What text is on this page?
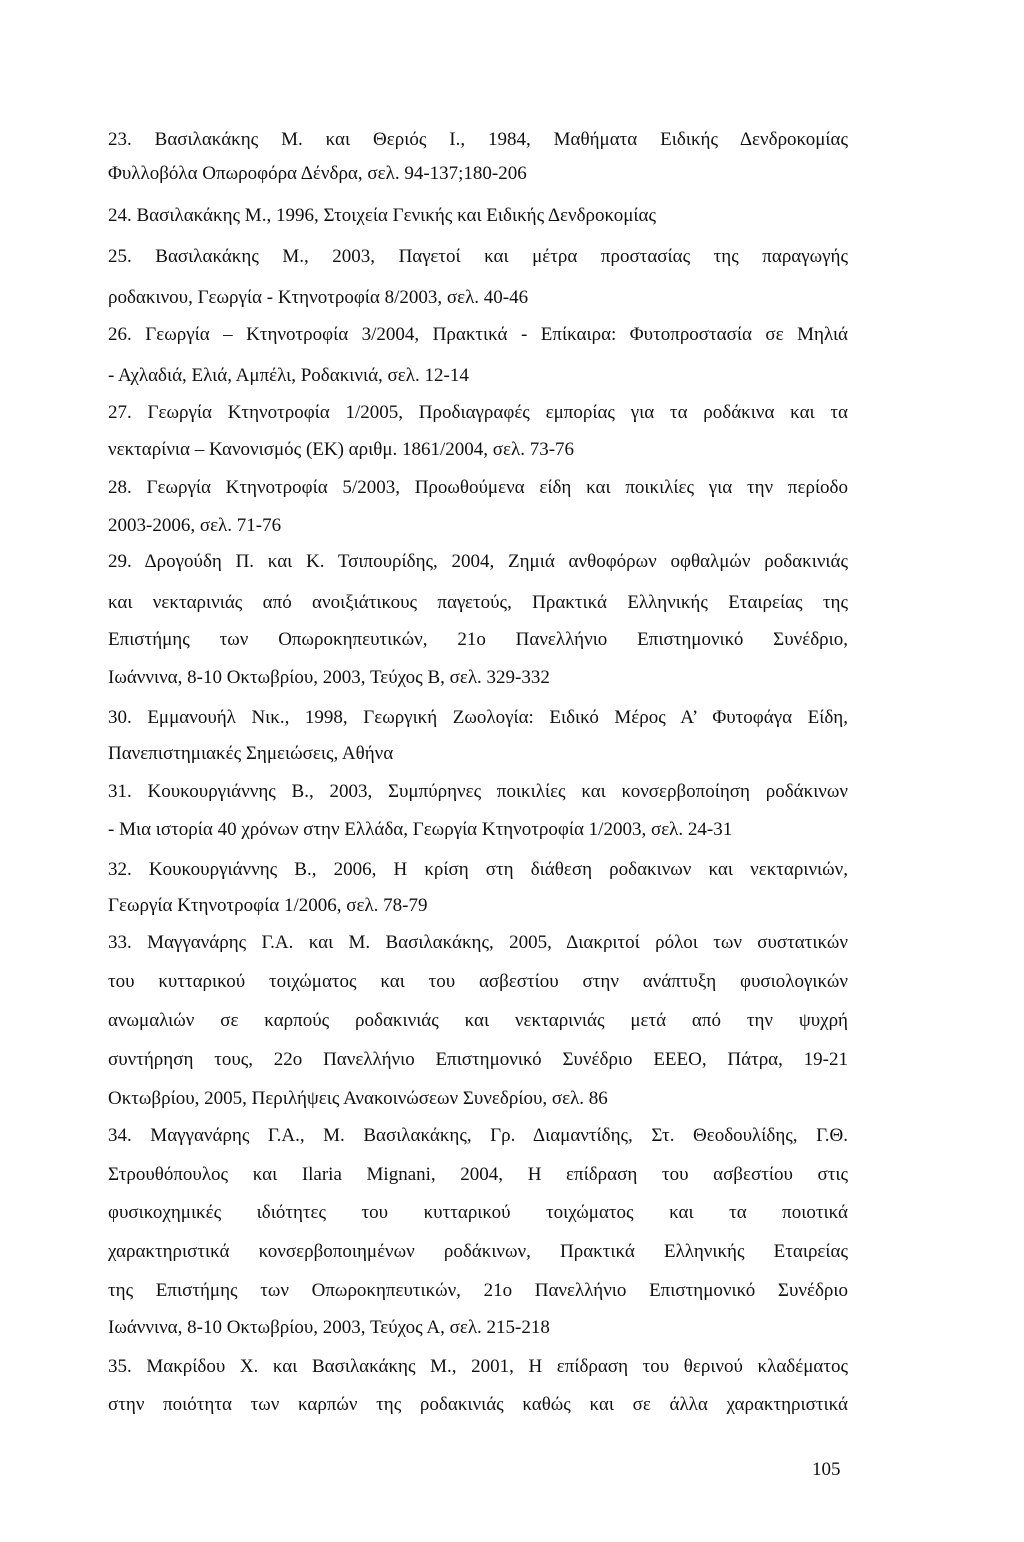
23. Βασιλακάκης Μ. και Θεριός Ι., 1984, Μαθήματα Ειδικής Δενδροκομίας
Φυλλοβόλα Οπωροφόρα Δένδρα, σελ. 94-137;180-206
24. Βασιλακάκης Μ., 1996, Στοιχεία Γενικής και Ειδικής Δενδροκομίας
25. Βασιλακάκης Μ., 2003, Παγετοί και μέτρα προστασίας της παραγωγής
ροδακινου, Γεωργία - Κτηνοτροφία 8/2003, σελ. 40-46
26. Γεωργία – Κτηνοτροφία 3/2004, Πρακτικά - Επίκαιρα: Φυτοπροστασία σε Μηλιά
- Αχλαδιά, Ελιά, Αμπέλι, Ροδακινιά, σελ. 12-14
27. Γεωργία Κτηνοτροφία 1/2005, Προδιαγραφές εμπορίας για τα ροδάκινα και τα
νεκταρίνια – Κανονισμός (ΕΚ) αριθμ. 1861/2004, σελ. 73-76
28. Γεωργία Κτηνοτροφία 5/2003, Προωθούμενα είδη και ποικιλίες για την περίοδο
2003-2006, σελ. 71-76
29. Δρογούδη Π. και Κ. Τσιπουρίδης, 2004, Ζημιά ανθοφόρων οφθαλμών ροδακινιάς
και νεκταρινιάς από ανοιξιάτικους παγετούς, Πρακτικά Ελληνικής Εταιρείας της
Επιστήμης των Οπωροκηπευτικών, 21ο Πανελλήνιο Επιστημονικό Συνέδριο,
Ιωάννινα, 8-10 Οκτωβρίου, 2003, Τεύχος Β, σελ. 329-332
30. Εμμανουήλ Νικ., 1998, Γεωργική Ζωολογία: Ειδικό Μέρος Α’ Φυτοφάγα Είδη,
Πανεπιστημιακές Σημειώσεις, Αθήνα
31. Κουκουργιάννης Β., 2003, Συμπύρηνες ποικιλίες και κονσερβοποίηση ροδάκινων
- Μια ιστορία 40 χρόνων στην Ελλάδα, Γεωργία Κτηνοτροφία 1/2003, σελ. 24-31
32. Κουκουργιάννης Β., 2006, Η κρίση στη διάθεση ροδακινων και νεκταρινιών,
Γεωργία Κτηνοτροφία 1/2006, σελ. 78-79
33. Μαγγανάρης Γ.Α. και Μ. Βασιλακάκης, 2005, Διακριτοί ρόλοι των συστατικών
του κυτταρικού τοιχώματος και του ασβεστίου στην ανάπτυξη φυσιολογικών
ανωμαλιών σε καρπούς ροδακινιάς και νεκταρινιάς μετά από την ψυχρή
συντήρηση τους, 22ο Πανελλήνιο Επιστημονικό Συνέδριο ΕΕΕΟ, Πάτρα, 19-21
Οκτωβρίου, 2005, Περιλήψεις Ανακοινώσεων Συνεδρίου, σελ. 86
34. Μαγγανάρης Γ.Α., Μ. Βασιλακάκης, Γρ. Διαμαντίδης, Στ. Θεοδουλίδης, Γ.Θ.
Στρουθόπουλος και Ilaria Mignani, 2004, Η επίδραση του ασβεστίου στις
φυσικοχημικές ιδιότητες του κυτταρικού τοιχώματος και τα ποιοτικά
χαρακτηριστικά κονσερβοποιημένων ροδάκινων, Πρακτικά Ελληνικής Εταιρείας
της Επιστήμης των Οπωροκηπευτικών, 21ο Πανελλήνιο Επιστημονικό Συνέδριο
Ιωάννινα, 8-10 Οκτωβρίου, 2003, Τεύχος Α, σελ. 215-218
35. Μακρίδου Χ. και Βασιλακάκης Μ., 2001, Η επίδραση του θερινού κλαδέματος
στην ποιότητα των καρπών της ροδακινιάς καθώς και σε άλλα χαρακτηριστικά
105
